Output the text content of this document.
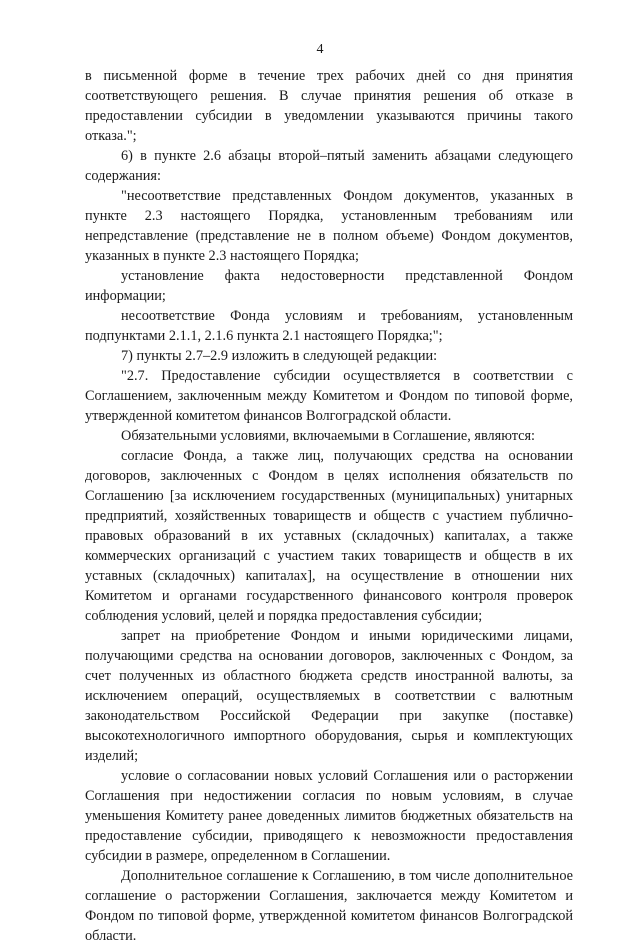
4

в письменной форме в течение трех рабочих дней со дня принятия соответствующего решения. В случае принятия решения об отказе в предоставлении субсидии в уведомлении указываются причины такого отказа.";

6) в пункте 2.6 абзацы второй–пятый заменить абзацами следующего содержания:

"несоответствие представленных Фондом документов, указанных в пункте 2.3 настоящего Порядка, установленным требованиям или непредставление (представление не в полном объеме) Фондом документов, указанных в пункте 2.3 настоящего Порядка;

установление факта недостоверности представленной Фондом информации;

несоответствие Фонда условиям и требованиям, установленным подпунктами 2.1.1, 2.1.6 пункта 2.1 настоящего Порядка;";

7) пункты 2.7–2.9 изложить в следующей редакции:

"2.7. Предоставление субсидии осуществляется в соответствии с Соглашением, заключенным между Комитетом и Фондом по типовой форме, утвержденной комитетом финансов Волгоградской области.

Обязательными условиями, включаемыми в Соглашение, являются:

согласие Фонда, а также лиц, получающих средства на основании договоров, заключенных с Фондом в целях исполнения обязательств по Соглашению [за исключением государственных (муниципальных) унитарных предприятий, хозяйственных товариществ и обществ с участием публично-правовых образований в их уставных (складочных) капиталах, а также коммерческих организаций с участием таких товариществ и обществ в их уставных (складочных) капиталах], на осуществление в отношении них Комитетом и органами государственного финансового контроля проверок соблюдения условий, целей и порядка предоставления субсидии;

запрет на приобретение Фондом и иными юридическими лицами, получающими средства на основании договоров, заключенных с Фондом, за счет полученных из областного бюджета средств иностранной валюты, за исключением операций, осуществляемых в соответствии с валютным законодательством Российской Федерации при закупке (поставке) высокотехнологичного импортного оборудования, сырья и комплектующих изделий;

условие о согласовании новых условий Соглашения или о расторжении Соглашения при недостижении согласия по новым условиям, в случае уменьшения Комитету ранее доведенных лимитов бюджетных обязательств на предоставление субсидии, приводящего к невозможности предоставления субсидии в размере, определенном в Соглашении.

Дополнительное соглашение к Соглашению, в том числе дополнительное соглашение о расторжении Соглашения, заключается между Комитетом и Фондом по типовой форме, утвержденной комитетом финансов Волгоградской области.
